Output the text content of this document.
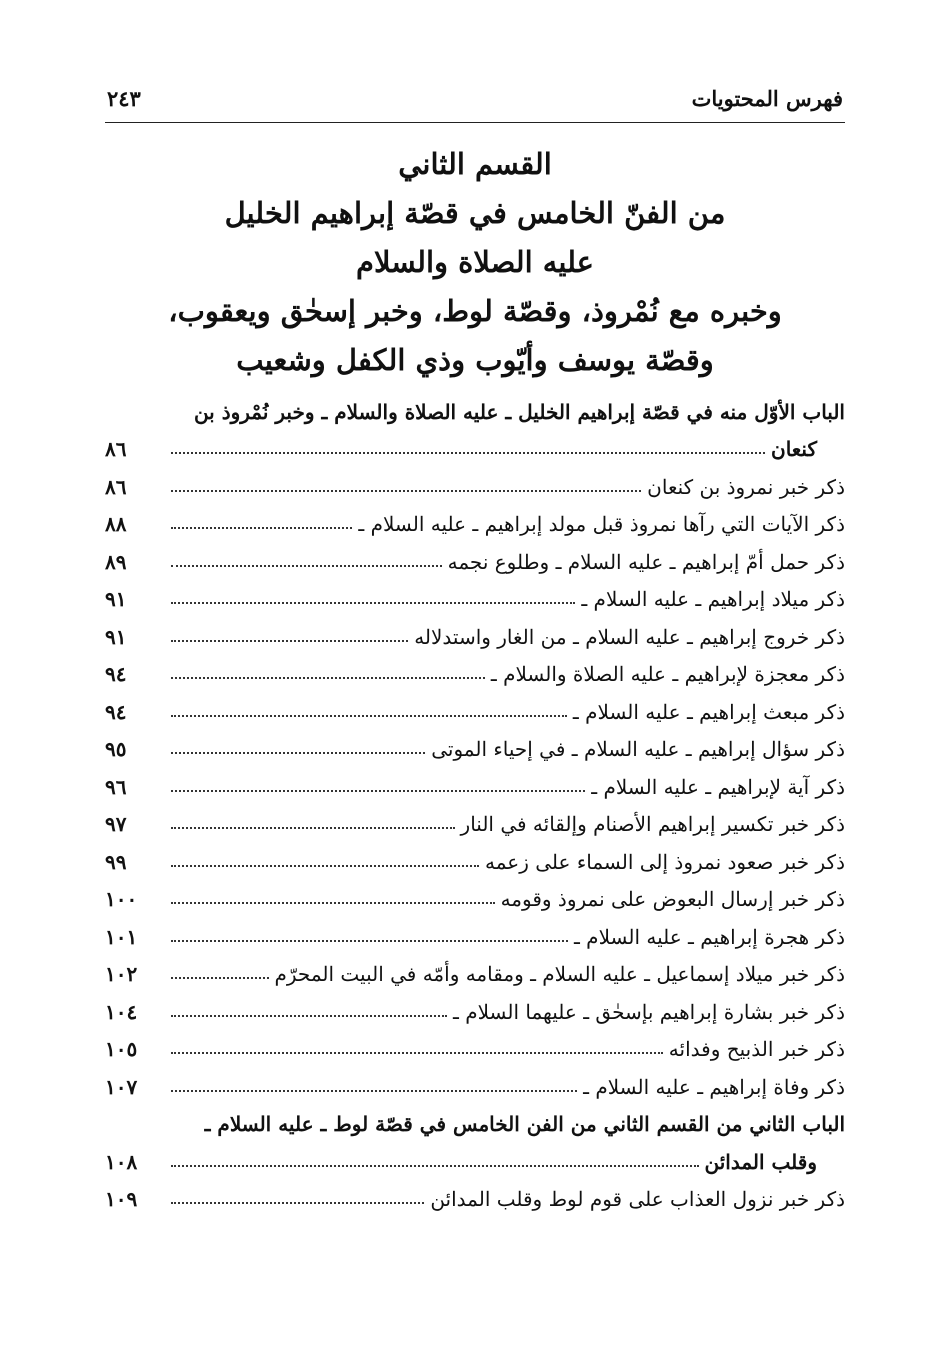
فهرس المحتويات
٢٤٣
القسم الثاني
من الفنّ الخامس في قصّة إبراهيم الخليل
عليه الصلاة والسلام
وخبره مع نُمْروذ، وقصّة لوط، وخبر إسحٰق ويعقوب،
وقصّة يوسف وأيّوب وذي الكفل وشعيب
الباب الأوّل منه في قصّة إبراهيم الخليل ـ عليه الصلاة والسلام ـ وخبر نُمْروذ بن
كنعان
٨٦
ذكر خبر نمروذ بن كنعان
٨٦
ذكر الآيات التي رآها نمروذ قبل مولد إبراهيم ـ عليه السلام ـ
٨٨
ذكر حمل أمّ إبراهيم ـ عليه السلام ـ وطلوع نجمه
٨٩
ذكر ميلاد إبراهيم ـ عليه السلام ـ
٩١
ذكر خروج إبراهيم ـ عليه السلام ـ من الغار واستدلاله
٩١
ذكر معجزة لإبراهيم ـ عليه الصلاة والسلام ـ
٩٤
ذكر مبعث إبراهيم ـ عليه السلام ـ
٩٤
ذكر سؤال إبراهيم ـ عليه السلام ـ في إحياء الموتى
٩٥
ذكر آية لإبراهيم ـ عليه السلام ـ
٩٦
ذكر خبر تكسير إبراهيم الأصنام وإلقائه في النار
٩٧
ذكر خبر صعود نمروذ إلى السماء على زعمه
٩٩
ذكر خبر إرسال البعوض على نمروذ وقومه
١٠٠
ذكر هجرة إبراهيم ـ عليه السلام ـ
١٠١
ذكر خبر ميلاد إسماعيل ـ عليه السلام ـ ومقامه وأمّه في البيت المحرّم
١٠٢
ذكر خبر بشارة إبراهيم بإسحٰق ـ عليهما السلام ـ
١٠٤
ذكر خبر الذبيح وفدائه
١٠٥
ذكر وفاة إبراهيم ـ عليه السلام ـ
١٠٧
الباب الثاني من القسم الثاني من الفن الخامس في قصّة لوط ـ عليه السلام ـ
وقلب المدائن
١٠٨
ذكر خبر نزول العذاب على قوم لوط وقلب المدائن
١٠٩
